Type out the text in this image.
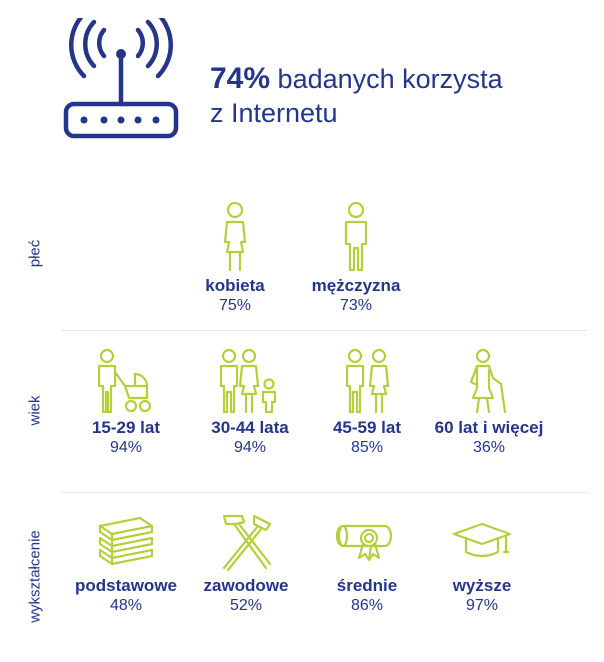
74% badanych korzysta
z Internetu
płeć
wiek
wykształcenie
kobieta
75%
mężczyzna
73%
15-29 lat
94%
30-44 lata
94%
45-59 lat
85%
60 lat i więcej
36%
podstawowe
48%
zawodowe
52%
średnie
86%
wyższe
97%
